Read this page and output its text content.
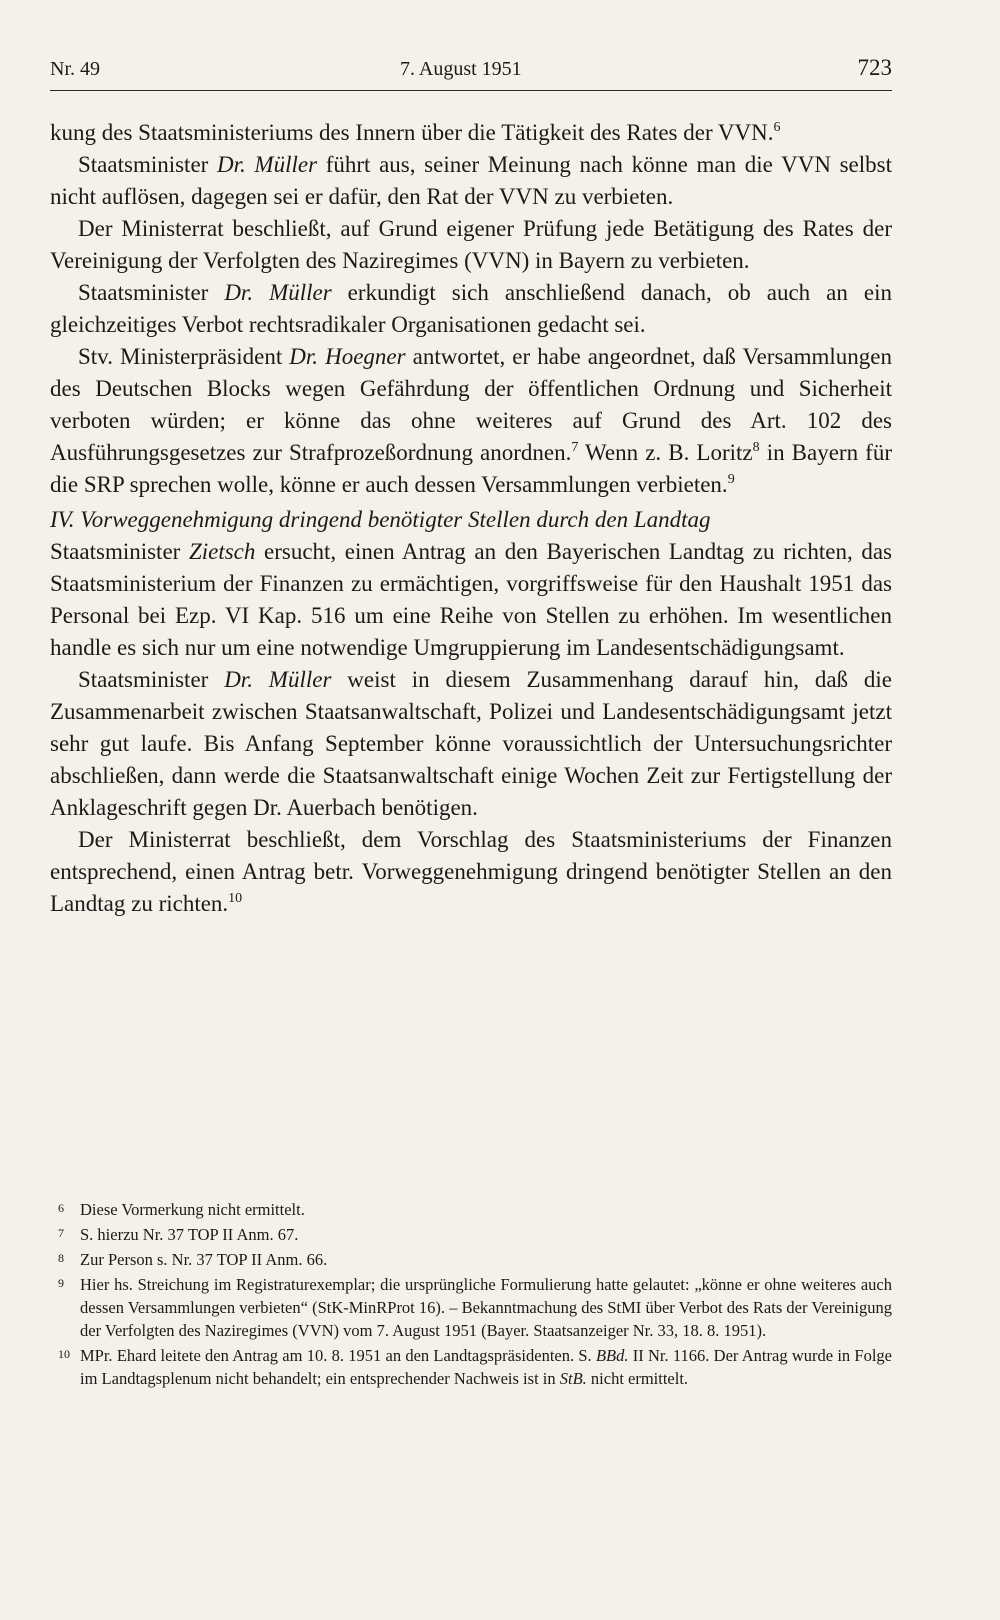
Nr. 49	7. August 1951	723

kung des Staatsministeriums des Innern über die Tätigkeit des Rates der VVN.$^6$

Staatsminister Dr. Müller führt aus, seiner Meinung nach könne man die VVN selbst nicht auflösen, dagegen sei er dafür, den Rat der VVN zu verbieten.

Der Ministerrat beschließt, auf Grund eigener Prüfung jede Betätigung des Rates der Vereinigung der Verfolgten des Naziregimes (VVN) in Bayern zu verbieten.

Staatsminister Dr. Müller erkundigt sich anschließend danach, ob auch an ein gleichzeitiges Verbot rechtsradikaler Organisationen gedacht sei.

Stv. Ministerpräsident Dr. Hoegner antwortet, er habe angeordnet, daß Versammlungen des Deutschen Blocks wegen Gefährdung der öffentlichen Ordnung und Sicherheit verboten würden; er könne das ohne weiteres auf Grund des Art. 102 des Ausführungsgesetzes zur Strafprozeßordnung anordnen.$^7$ Wenn z. B. Loritz$^8$ in Bayern für die SRP sprechen wolle, könne er auch dessen Versammlungen verbieten.$^9$

IV. Vorweggenehmigung dringend benötigter Stellen durch den Landtag

Staatsminister Zietsch ersucht, einen Antrag an den Bayerischen Landtag zu richten, das Staatsministerium der Finanzen zu ermächtigen, vorgriffsweise für den Haushalt 1951 das Personal bei Ezp. VI Kap. 516 um eine Reihe von Stellen zu erhöhen. Im wesentlichen handle es sich nur um eine notwendige Umgruppierung im Landesentschädigungsamt.

Staatsminister Dr. Müller weist in diesem Zusammenhang darauf hin, daß die Zusammenarbeit zwischen Staatsanwaltschaft, Polizei und Landesentschädigungsamt jetzt sehr gut laufe. Bis Anfang September könne voraussichtlich der Untersuchungsrichter abschließen, dann werde die Staatsanwaltschaft einige Wochen Zeit zur Fertigstellung der Anklageschrift gegen Dr. Auerbach benötigen.

Der Ministerrat beschließt, dem Vorschlag des Staatsministeriums der Finanzen entsprechend, einen Antrag betr. Vorweggenehmigung dringend benötigter Stellen an den Landtag zu richten.$^{10}$

6 Diese Vormerkung nicht ermittelt.
7 S. hierzu Nr. 37 TOP II Anm. 67.
8 Zur Person s. Nr. 37 TOP II Anm. 66.
9 Hier hs. Streichung im Registraturexemplar; die ursprüngliche Formulierung hatte gelautet: „könne er ohne weiteres auch dessen Versammlungen verbieten“ (StK-MinRProt 16). – Bekanntmachung des StMI über Verbot des Rats der Vereinigung der Verfolgten des Naziregimes (VVN) vom 7. August 1951 (Bayer. Staatsanzeiger Nr. 33, 18. 8. 1951).
10 MPr. Ehard leitete den Antrag am 10. 8. 1951 an den Landtagspräsidenten. S. BBd. II Nr. 1166. Der Antrag wurde in Folge im Landtagsplenum nicht behandelt; ein entsprechender Nachweis ist in StB. nicht ermittelt.
